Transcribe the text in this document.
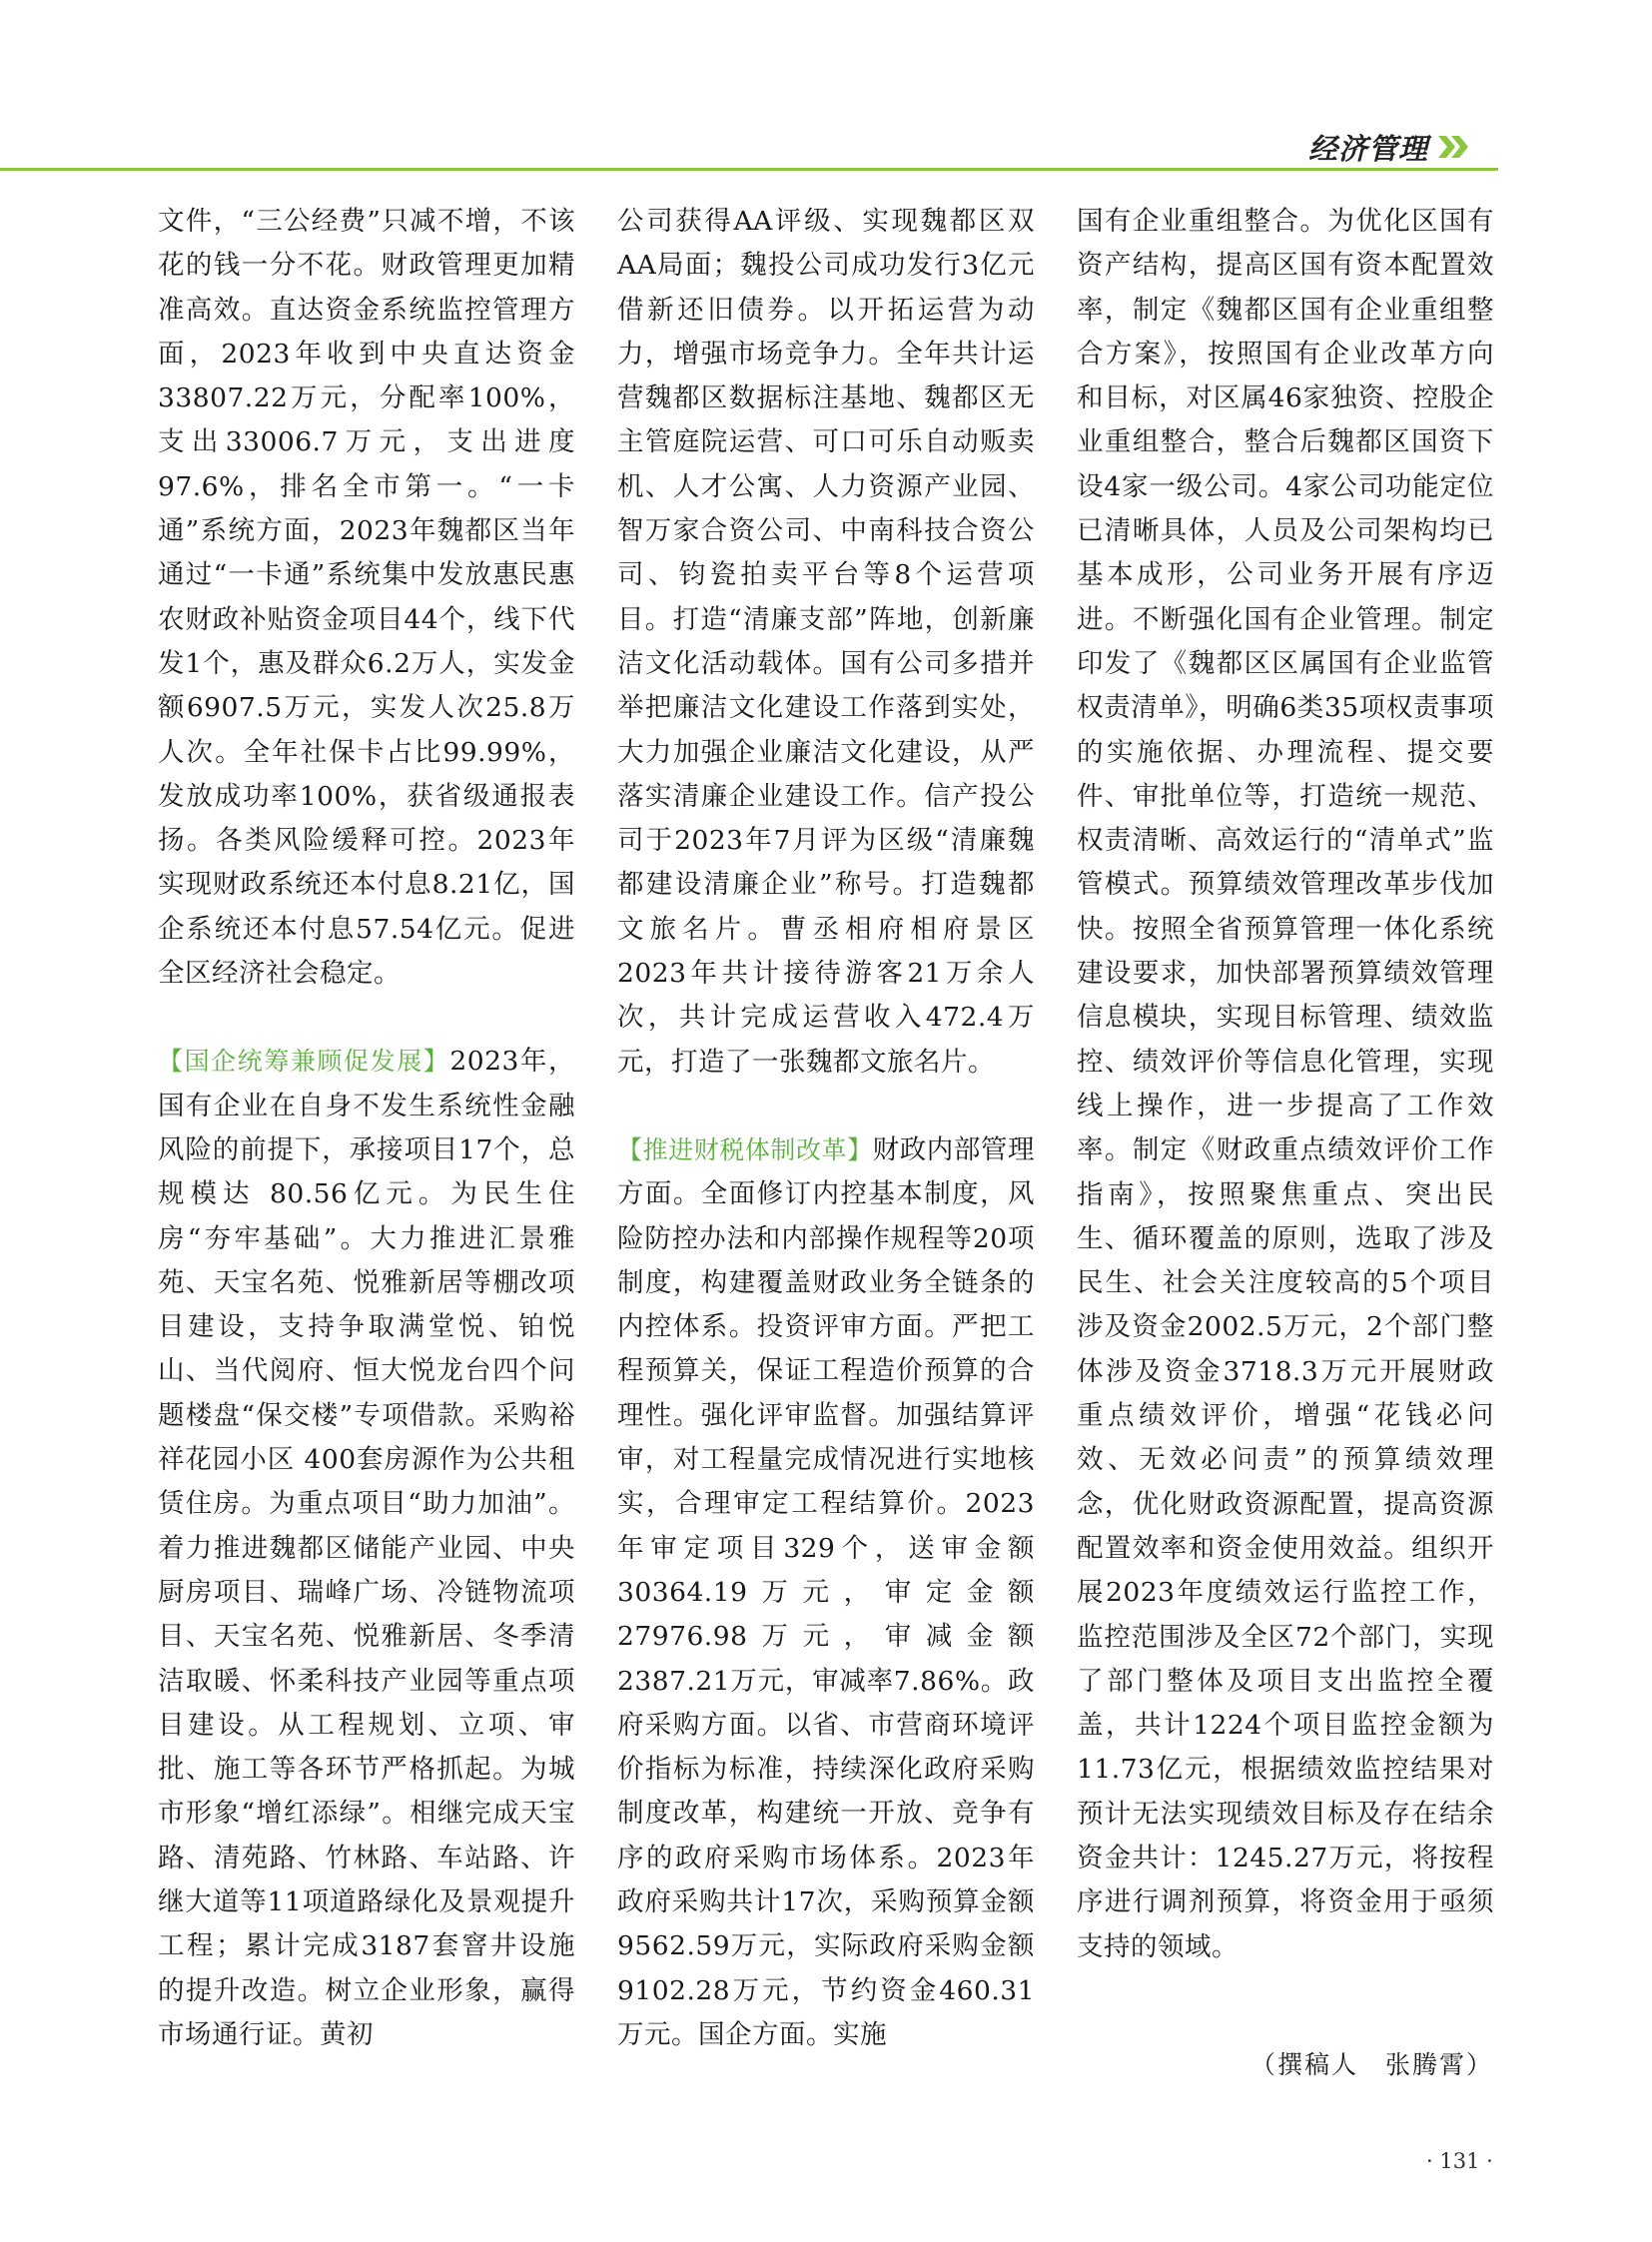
经济管理

文件，“三公经费”只减不增，不该花的钱一分不花。财政管理更加精准高效。直达资金系统监控管理方面，2023年收到中央直达资金33807.22万元，分配率100%，支出33006.7万元，支出进度97.6%，排名全市第一。“一卡通”系统方面，2023年魏都区当年通过“一卡通”系统集中发放惠民惠农财政补贴资金项目44个，线下代发1个，惠及群众6.2万人，实发金额6907.5万元，实发人次25.8万人次。全年社保卡占比99.99%，发放成功率100%，获省级通报表扬。各类风险缓释可控。2023年实现财政系统还本付息8.21亿，国企系统还本付息57.54亿元。促进全区经济社会稳定。

【国企统筹兼顾促发展】2023年，国有企业在自身不发生系统性金融风险的前提下，承接项目17个，总规模达 80.56亿元。为民生住房“夯牢基础”。大力推进汇景雅苑、天宝名苑、悦雅新居等棚改项目建设，支持争取满堂悦、铂悦山、当代阅府、恒大悦龙台四个问题楼盘“保交楼”专项借款。采购裕祥花园小区 400套房源作为公共租赁住房。为重点项目“助力加油”。着力推进魏都区储能产业园、中央厨房项目、瑞峰广场、冷链物流项目、天宝名苑、悦雅新居、冬季清洁取暖、怀柔科技产业园等重点项目建设。从工程规划、立项、审批、施工等各环节严格抓起。为城市形象“增红添绿”。相继完成天宝路、清苑路、竹林路、车站路、许继大道等11项道路绿化及景观提升工程；累计完成3187套窨井设施的提升改造。树立企业形象，赢得市场通行证。黄初

公司获得AA评级、实现魏都区双AA局面；魏投公司成功发行3亿元借新还旧债券。以开拓运营为动力，增强市场竞争力。全年共计运营魏都区数据标注基地、魏都区无主管庭院运营、可口可乐自动贩卖机、人才公寓、人力资源产业园、智万家合资公司、中南科技合资公司、钧瓷拍卖平台等8个运营项目。打造“清廉支部”阵地，创新廉洁文化活动载体。国有公司多措并举把廉洁文化建设工作落到实处，大力加强企业廉洁文化建设，从严落实清廉企业建设工作。信产投公司于2023年7月评为区级“清廉魏都建设清廉企业”称号。打造魏都文旅名片。曹丞相府相府景区2023年共计接待游客21万余人次，共计完成运营收入472.4万元，打造了一张魏都文旅名片。

【推进财税体制改革】财政内部管理方面。全面修订内控基本制度，风险防控办法和内部操作规程等20项制度，构建覆盖财政业务全链条的内控体系。投资评审方面。严把工程预算关，保证工程造价预算的合理性。强化评审监督。加强结算评审，对工程量完成情况进行实地核实，合理审定工程结算价。2023年审定项目329个，送审金额30364.19万元，审定金额27976.98万元，审减金额2387.21万元，审减率7.86%。政府采购方面。以省、市营商环境评价指标为标准，持续深化政府采购制度改革，构建统一开放、竞争有序的政府采购市场体系。2023年政府采购共计17次，采购预算金额9562.59万元，实际政府采购金额9102.28万元，节约资金460.31万元。国企方面。实施

国有企业重组整合。为优化区国有资产结构，提高区国有资本配置效率，制定《魏都区国有企业重组整合方案》，按照国有企业改革方向和目标，对区属46家独资、控股企业重组整合，整合后魏都区国资下设4家一级公司。4家公司功能定位已清晰具体，人员及公司架构均已基本成形，公司业务开展有序迈进。不断强化国有企业管理。制定印发了《魏都区区属国有企业监管权责清单》，明确6类35项权责事项的实施依据、办理流程、提交要件、审批单位等，打造统一规范、权责清晰、高效运行的“清单式”监管模式。预算绩效管理改革步伐加快。按照全省预算管理一体化系统建设要求，加快部署预算绩效管理信息模块，实现目标管理、绩效监控、绩效评价等信息化管理，实现线上操作，进一步提高了工作效率。制定《财政重点绩效评价工作指南》，按照聚焦重点、突出民生、循环覆盖的原则，选取了涉及民生、社会关注度较高的5个项目涉及资金2002.5万元，2个部门整体涉及资金3718.3万元开展财政重点绩效评价，增强“花钱必问效、无效必问责”的预算绩效理念，优化财政资源配置，提高资源配置效率和资金使用效益。组织开展2023年度绩效运行监控工作，监控范围涉及全区72个部门，实现了部门整体及项目支出监控全覆盖，共计1224个项目监控金额为11.73亿元，根据绩效监控结果对预计无法实现绩效目标及存在结余资金共计：1245.27万元，将按程序进行调剂预算，将资金用于亟须支持的领域。

（撰稿人　张腾霄）
· 131 ·
